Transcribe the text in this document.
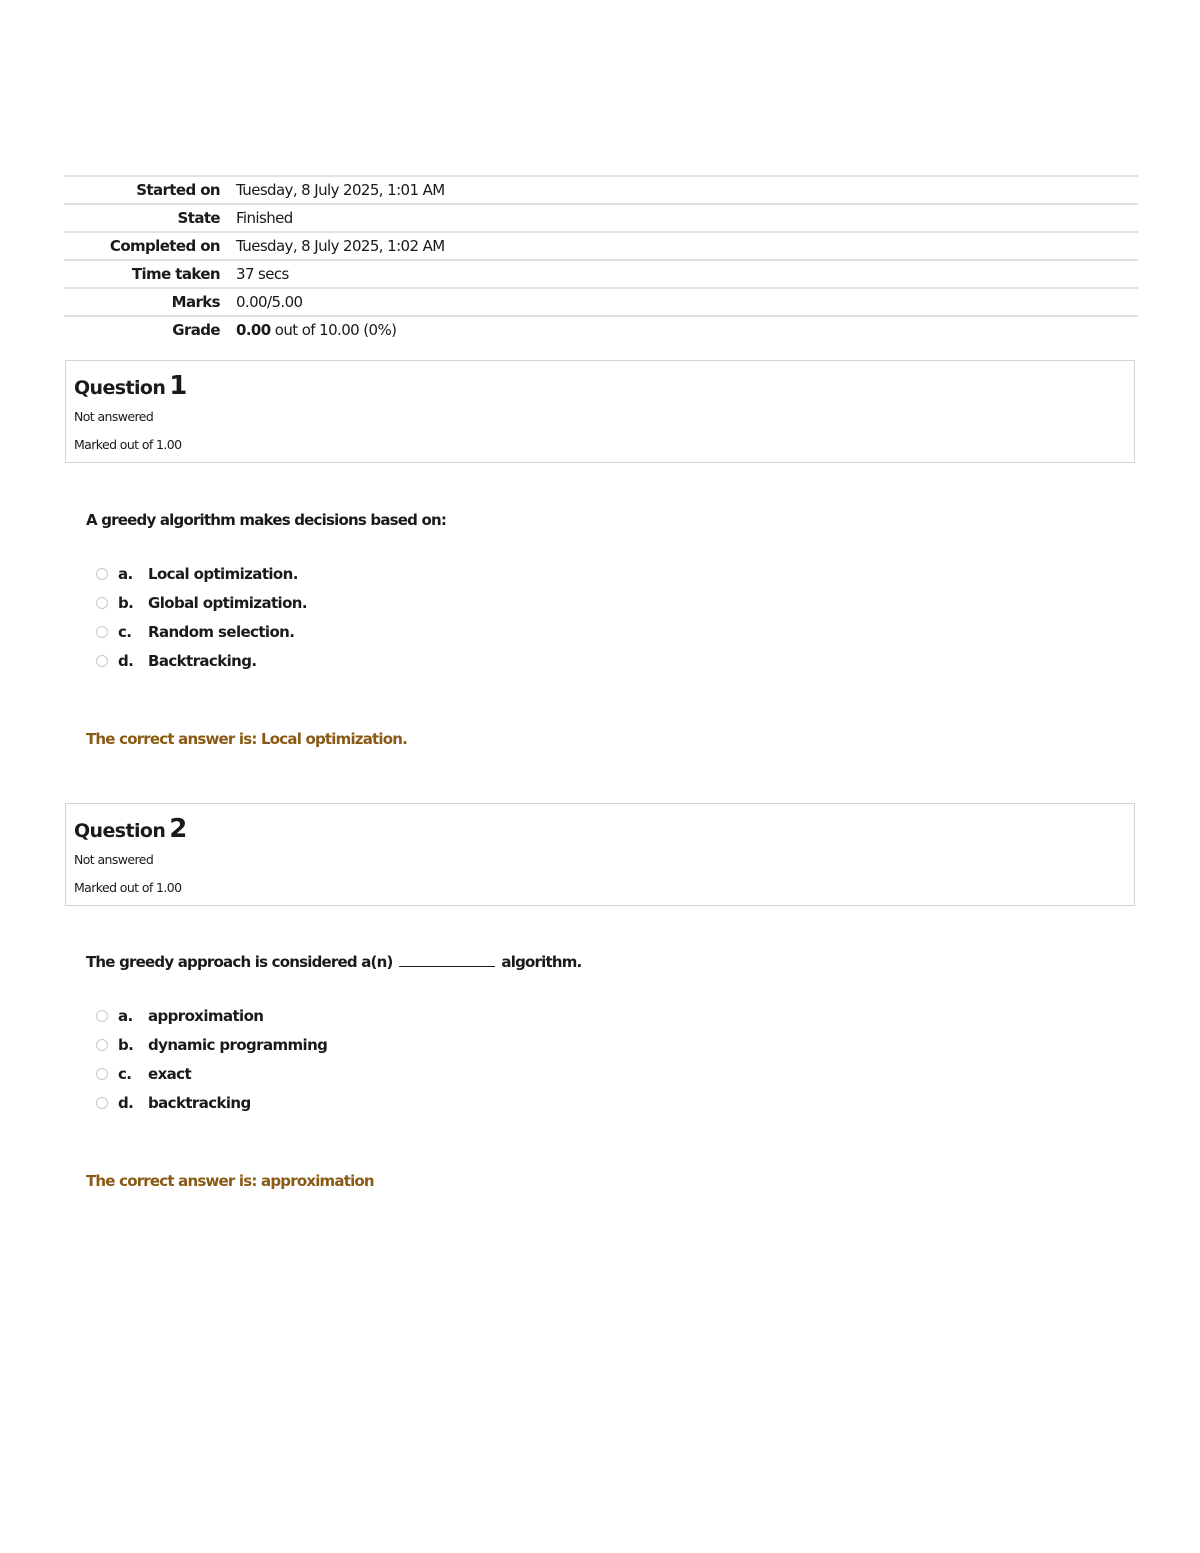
Started on	Tuesday, 8 July 2025, 1:01 AM
State	Finished
Completed on	Tuesday, 8 July 2025, 1:02 AM
Time taken	37 secs
Marks	0.00/5.00
Grade	0.00 out of 10.00 (0%)
Question 1
Not answered
Marked out of 1.00
A greedy algorithm makes decisions based on:
a.	Local optimization.
b. Global optimization.
c.	Random selection.
d. Backtracking.
The correct answer is: Local optimization.
Question 2
Not answered
Marked out of 1.00
The greedy approach is considered a(n)	algorithm.
a.	approximation
b. dynamic programming
c.	exact
d. backtracking
The correct answer is: approximation
